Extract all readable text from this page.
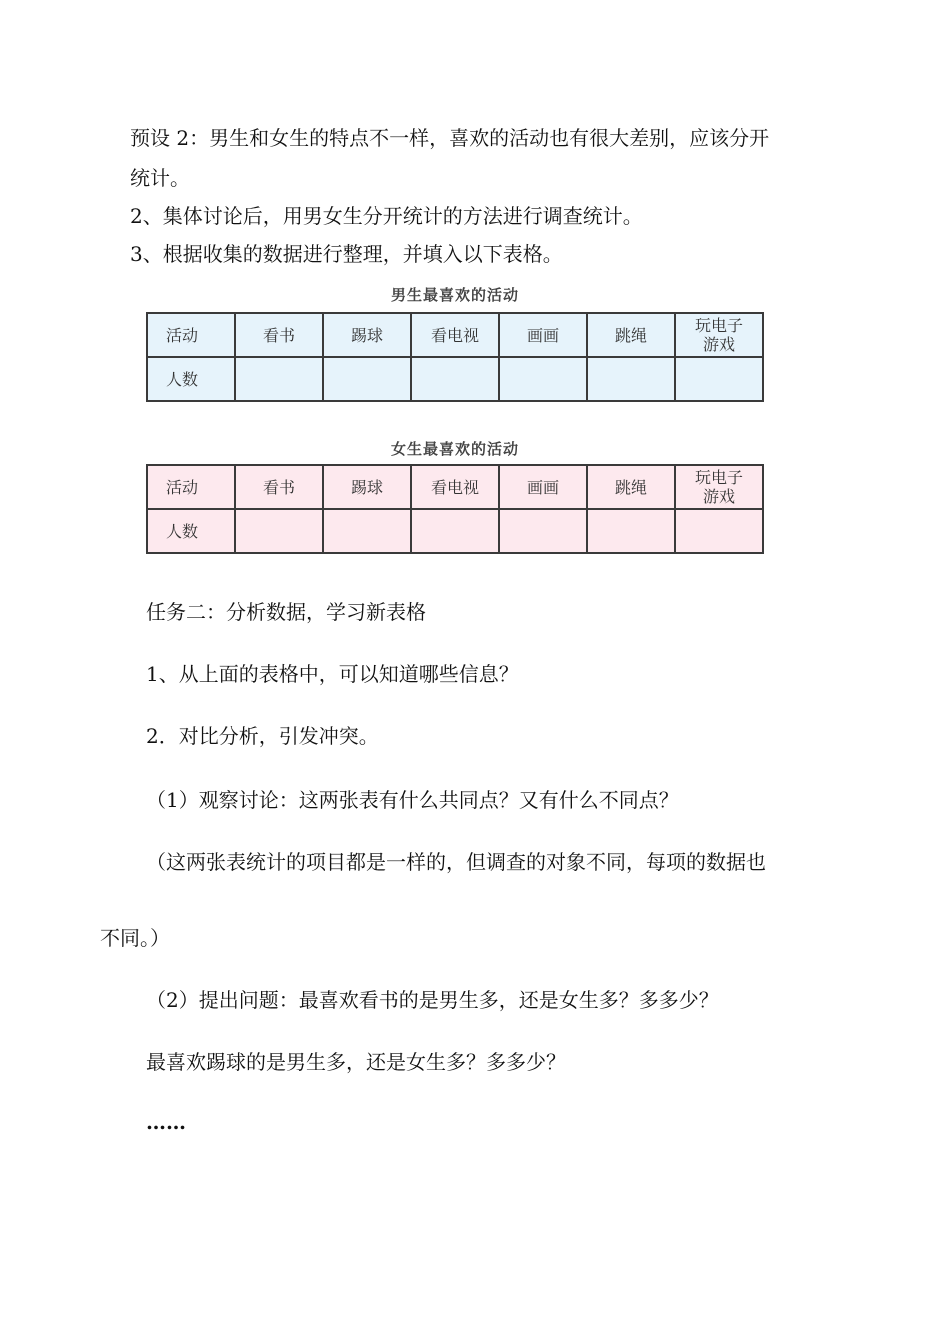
预设 2：男生和女生的特点不一样，喜欢的活动也有很大差别，应该分开
统计。
2、集体讨论后，用男女生分开统计的方法进行调查统计。
3、根据收集的数据进行整理，并填入以下表格。
男生最喜欢的活动
活动	看书	踢球	看电视	画画	跳绳	玩电子游戏
人数						
女生最喜欢的活动
活动	看书	踢球	看电视	画画	跳绳	玩电子游戏
人数						
任务二：分析数据，学习新表格
1、从上面的表格中，可以知道哪些信息？
2．对比分析，引发冲突。
（1）观察讨论：这两张表有什么共同点？又有什么不同点？
（这两张表统计的项目都是一样的，但调查的对象不同，每项的数据也
不同。）
（2）提出问题：最喜欢看书的是男生多，还是女生多？多多少？
最喜欢踢球的是男生多，还是女生多？多多少？
……
